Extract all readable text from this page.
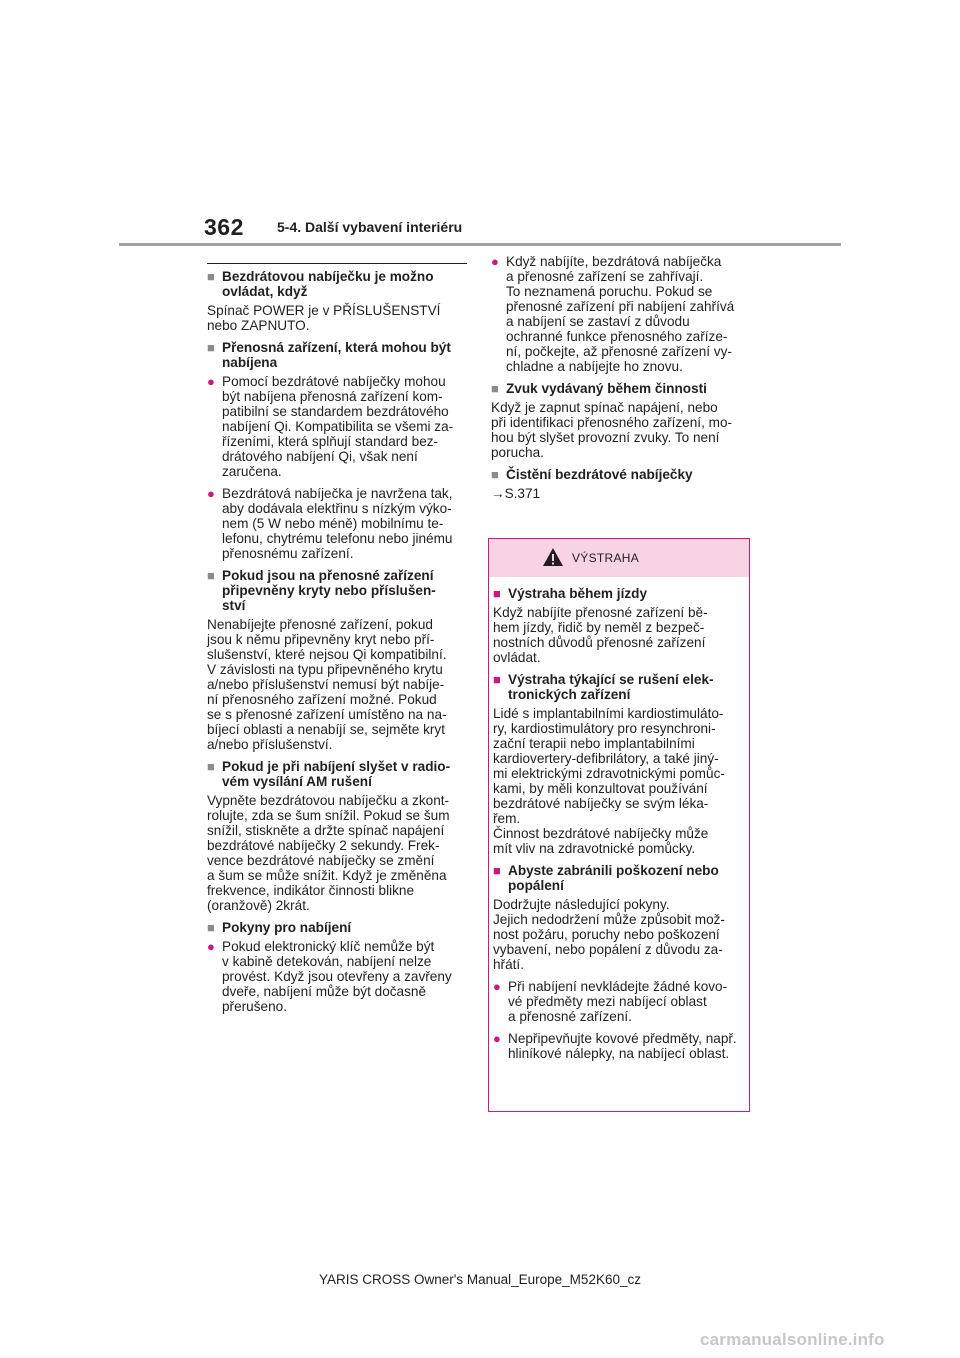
362 5-4. Další vybavení interiéru
■ Bezdrátovou nabíječku je možno
ovládat, když
Spínač POWER je v PŘÍSLUŠENSTVÍ
nebo ZAPNUTO.
■ Přenosná zařízení, která mohou být
nabíjena
● Pomocí bezdrátové nabíječky mohou
být nabíjena přenosná zařízení kom-
patibilní se standardem bezdrátového
nabíjení Qi. Kompatibilita se všemi za-
řízeními, která splňují standard bez-
drátového nabíjení Qi, však není
zaručena.
● Bezdrátová nabíječka je navržena tak,
aby dodávala elektřinu s nízkým výko-
nem (5 W nebo méně) mobilnímu te-
lefonu, chytrému telefonu nebo jinému
přenosnému zařízení.
■ Pokud jsou na přenosné zařízení
připevněny kryty nebo příslušen-
ství
Nenabíjejte přenosné zařízení, pokud
jsou k němu připevněny kryt nebo pří-
slušenství, které nejsou Qi kompatibilní.
V závislosti na typu připevněného krytu
a/nebo příslušenství nemusí být nabíje-
ní přenosného zařízení možné. Pokud
se s přenosné zařízení umístěno na na-
bíjecí oblasti a nenabíjí se, sejměte kryt
a/nebo příslušenství.
■ Pokud je při nabíjení slyšet v radio-
vém vysílání AM rušení
Vypněte bezdrátovou nabíječku a zkont-
rolujte, zda se šum snížil. Pokud se šum
snížil, stiskněte a držte spínač napájení
bezdrátové nabíječky 2 sekundy. Frek-
vence bezdrátové nabíječky se změní
a šum se může snížit. Když je změněna
frekvence, indikátor činnosti blikne
(oranžově) 2krát.
■ Pokyny pro nabíjení
● Pokud elektronický klíč nemůže být
v kabině detekován, nabíjení nelze
provést. Když jsou otevřeny a zavřeny
dveře, nabíjení může být dočasně
přerušeno.
● Když nabíjíte, bezdrátová nabíječka
a přenosné zařízení se zahřívají.
To neznamená poruchu. Pokud se
přenosné zařízení při nabíjení zahřívá
a nabíjení se zastaví z důvodu
ochranné funkce přenosného zaříze-
ní, počkejte, až přenosné zařízení vy-
chladne a nabíjejte ho znovu.
■ Zvuk vydávaný během činnosti
Když je zapnut spínač napájení, nebo
při identifikaci přenosného zařízení, mo-
hou být slyšet provozní zvuky. To není
porucha.
■ Čistění bezdrátové nabíječky
→S.371
VÝSTRAHA
■ Výstraha během jízdy
Když nabíjíte přenosné zařízení bě-
hem jízdy, řidič by neměl z bezpeč-
nostních důvodů přenosné zařízení
ovládat.
■ Výstraha týkající se rušení elek-
tronických zařízení
Lidé s implantabilními kardiostimuláto-
ry, kardiostimulátory pro resynchroni-
zační terapii nebo implantabilními
kardiovertery-defibrilátory, a také jiný-
mi elektrickými zdravotnickými pomůc-
kami, by měli konzultovat používání
bezdrátové nabíječky se svým léka-
řem.
Činnost bezdrátové nabíječky může
mít vliv na zdravotnické pomůcky.
■ Abyste zabránili poškození nebo
popálení
Dodržujte následující pokyny.
Jejich nedodržení může způsobit mož-
nost požáru, poruchy nebo poškození
vybavení, nebo popálení z důvodu za-
hřátí.
● Při nabíjení nevkládejte žádné kovo-
vé předměty mezi nabíjecí oblast
a přenosné zařízení.
● Nepřipevňujte kovové předměty, např.
hliníkové nálepky, na nabíjecí oblast.
YARIS CROSS Owner's Manual_Europe_M52K60_cz
carmanualsonline.info
